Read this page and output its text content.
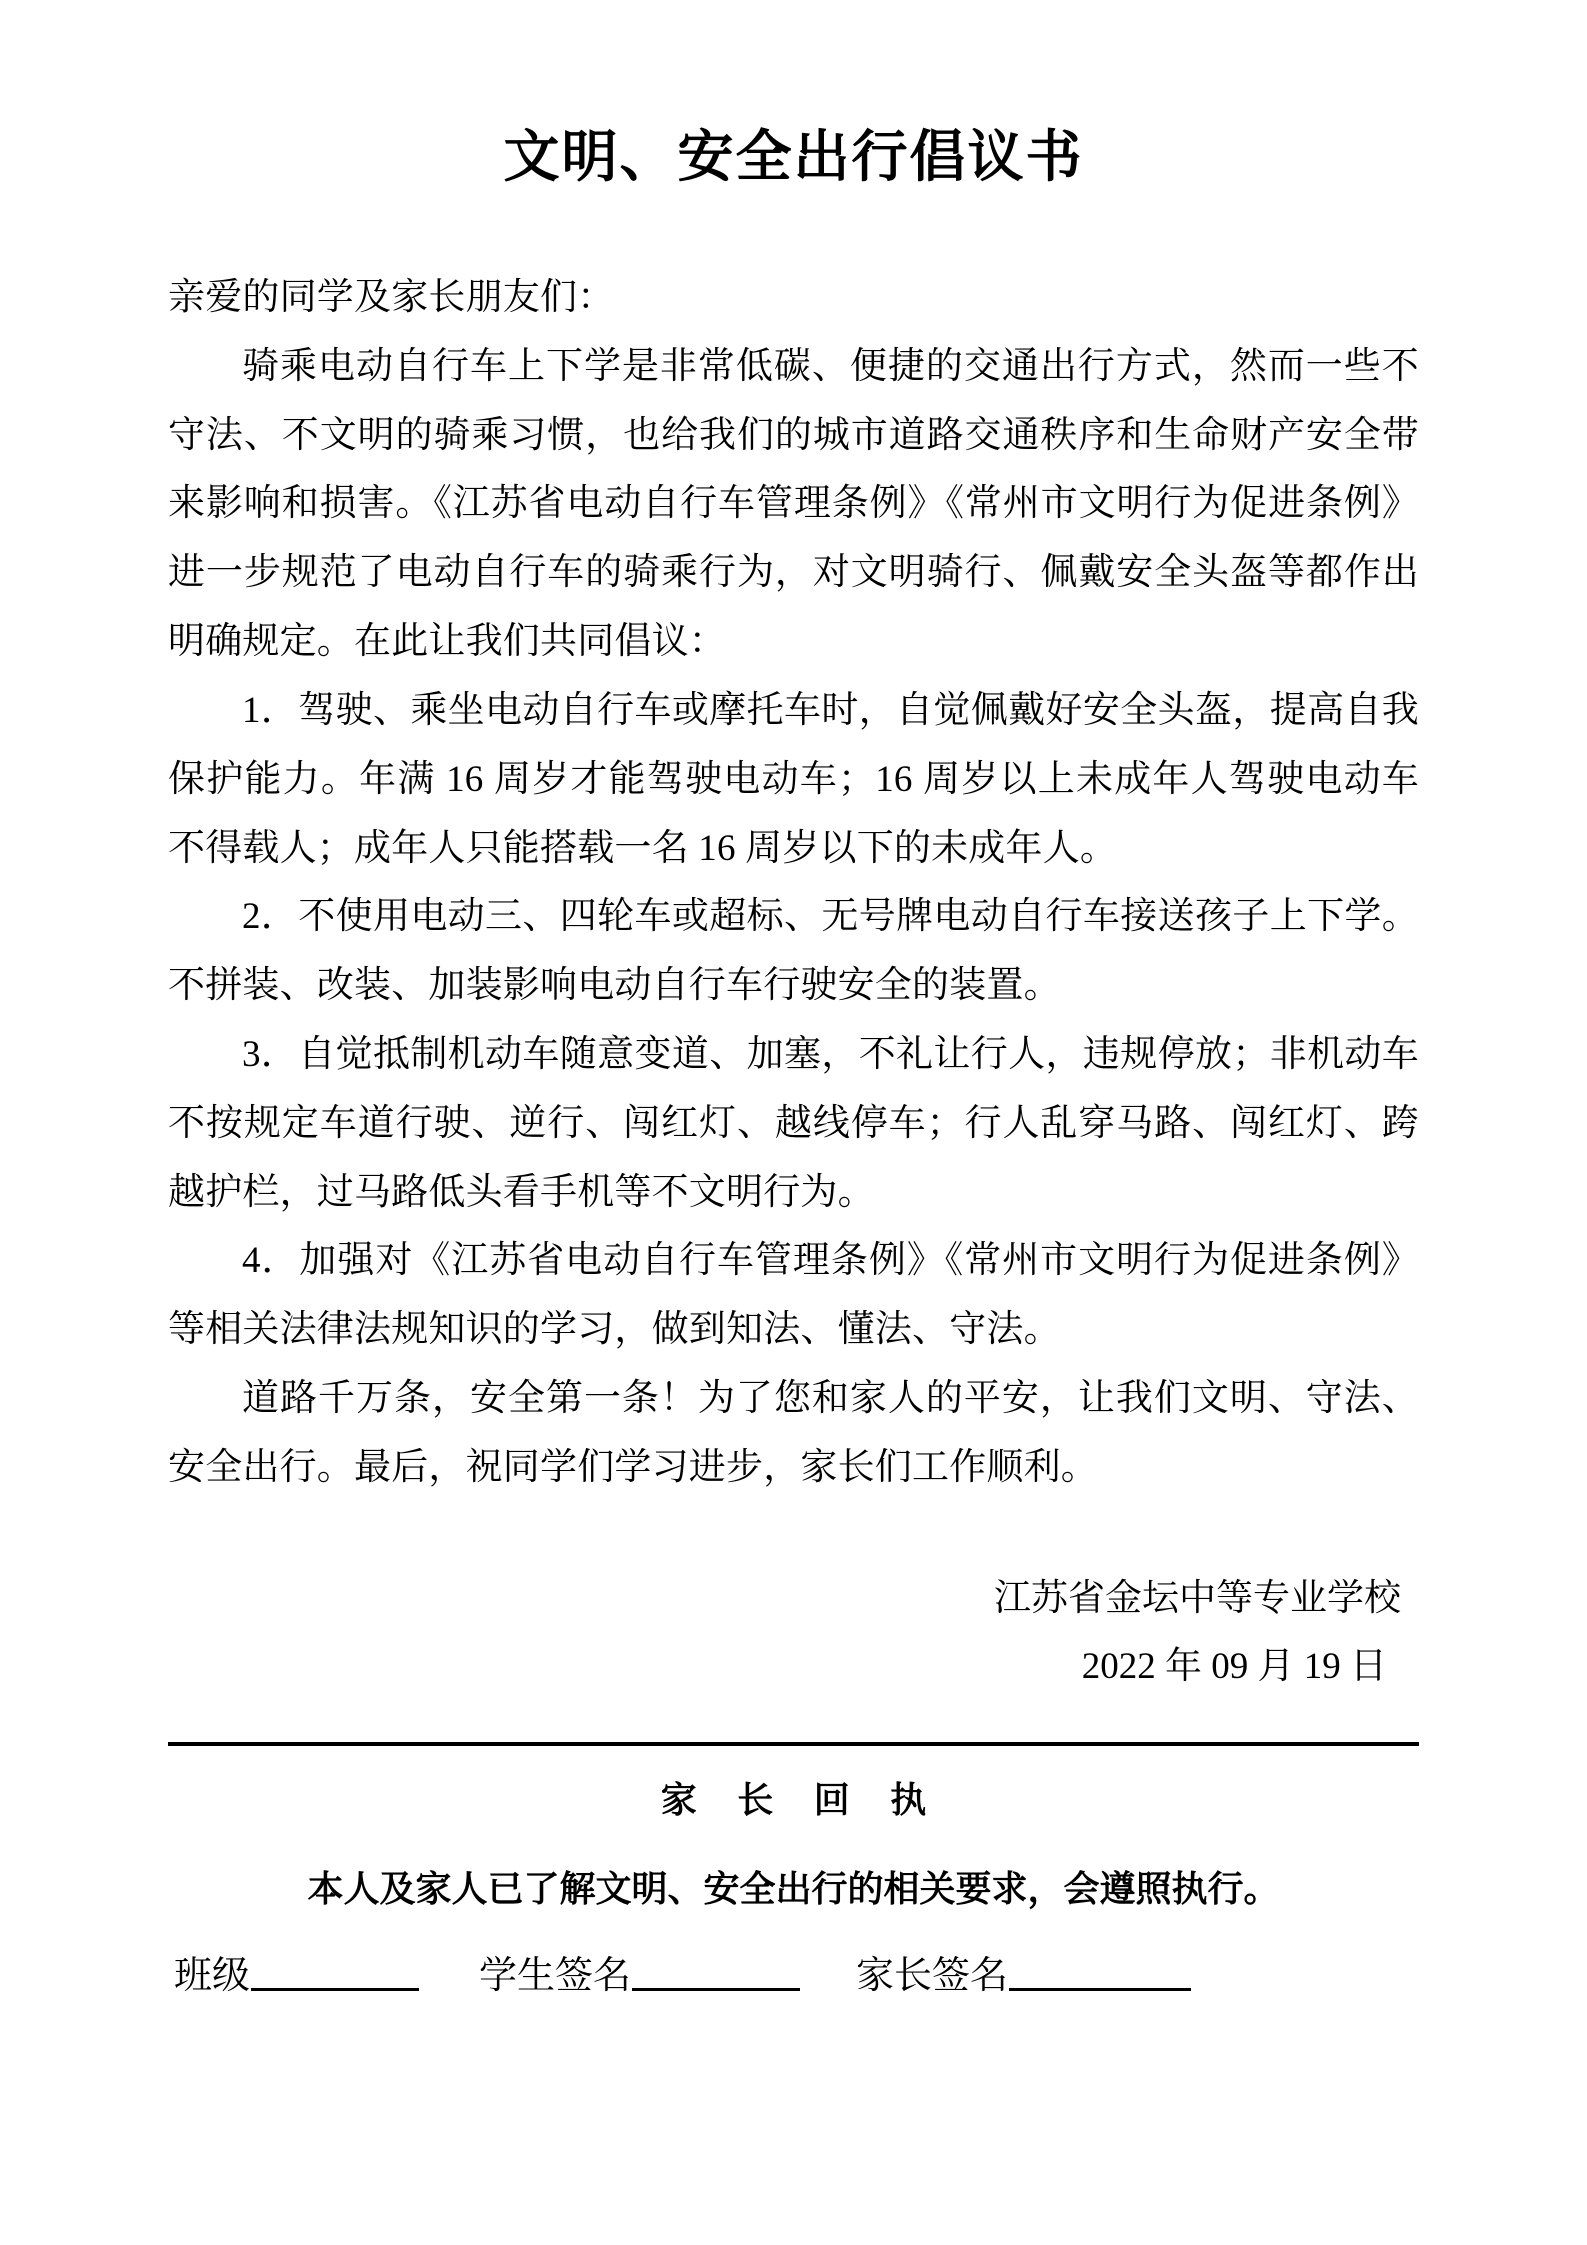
文明、安全出行倡议书

亲爱的同学及家长朋友们：

骑乘电动自行车上下学是非常低碳、便捷的交通出行方式，然而一些不守法、不文明的骑乘习惯，也给我们的城市道路交通秩序和生命财产安全带来影响和损害。《江苏省电动自行车管理条例》《常州市文明行为促进条例》进一步规范了电动自行车的骑乘行为，对文明骑行、佩戴安全头盔等都作出明确规定。在此让我们共同倡议：

1．驾驶、乘坐电动自行车或摩托车时，自觉佩戴好安全头盔，提高自我保护能力。年满 16 周岁才能驾驶电动车；16 周岁以上未成年人驾驶电动车不得载人；成年人只能搭载一名 16 周岁以下的未成年人。

2．不使用电动三、四轮车或超标、无号牌电动自行车接送孩子上下学。不拼装、改装、加装影响电动自行车行驶安全的装置。

3．自觉抵制机动车随意变道、加塞，不礼让行人，违规停放；非机动车不按规定车道行驶、逆行、闯红灯、越线停车；行人乱穿马路、闯红灯、跨越护栏，过马路低头看手机等不文明行为。

4．加强对《江苏省电动自行车管理条例》《常州市文明行为促进条例》等相关法律法规知识的学习，做到知法、懂法、守法。

道路千万条，安全第一条！为了您和家人的平安，让我们文明、守法、安全出行。最后，祝同学们学习进步，家长们工作顺利。

江苏省金坛中等专业学校
2022 年 09 月 19 日
家 长 回 执
本人及家人已了解文明、安全出行的相关要求，会遵照执行。
班级	学生签名	家长签名
